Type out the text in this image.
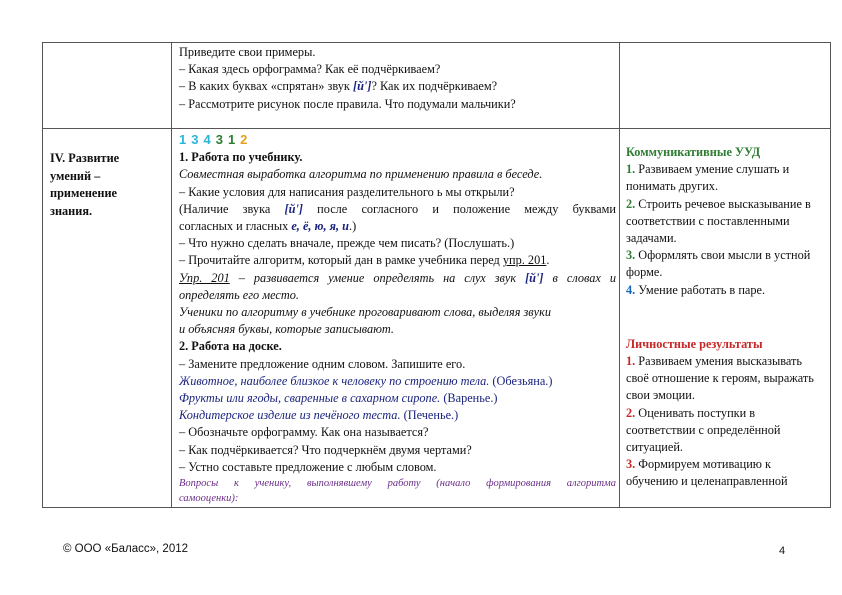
Приведите свои примеры.

– Какая здесь орфограмма? Как её подчёркиваем?

– В каких буквах «спрятан» звук [й']? Как их подчёркиваем?

– Рассмотрите рисунок после правила. Что подумали мальчики?

IV. Развитие

умений –

применение

знания.

1 3 4 3 1 2

1. Работа по учебнику.

Совместная выработка алгоритма по применению правила в беседе.

– Какие условия для написания разделительного ь мы открыли?

(Наличие звука [й'] после согласного и положение между буквами

согласных и гласных е, ё, ю, я, и.)

– Что нужно сделать вначале, прежде чем писать? (Послушать.)

– Прочитайте алгоритм, который дан в рамке учебника перед упр. 201.

Упр. 201 – развивается умение определять на слух звук [й'] в словах и

определять его место.

Ученики по алгоритму в учебнике проговаривают слова, выделяя звуки

и объясняя буквы, которые записывают.

2. Работа на доске.

– Замените предложение одним словом. Запишите его.

Животное, наиболее близкое к человеку по строению тела. (Обезьяна.)

Фрукты или ягоды, сваренные в сахарном сиропе. (Варенье.)

Кондитерское изделие из печёного теста. (Печенье.)

– Обозначьте орфограмму. Как она называется?

– Как подчёркивается? Что подчеркнём двумя чертами?

– Устно составьте предложение с любым словом.

Вопросы к ученику, выполнявшему работу (начало формирования алгоритма

самооценки):

Коммуникативные УУД

1. Развиваем умение слушать и понимать других.

2. Строить речевое высказывание в соответствии с поставленными задачами.

3. Оформлять свои мысли в устной форме.

4. Умение работать в паре.

Личностные результаты

1. Развиваем умения высказывать своё отношение к героям, выражать свои эмоции.

2. Оценивать поступки в соответствии с определённой ситуацией.

3. Формируем мотивацию к обучению и целенаправленной

© ООО «Баласс», 2012	4
